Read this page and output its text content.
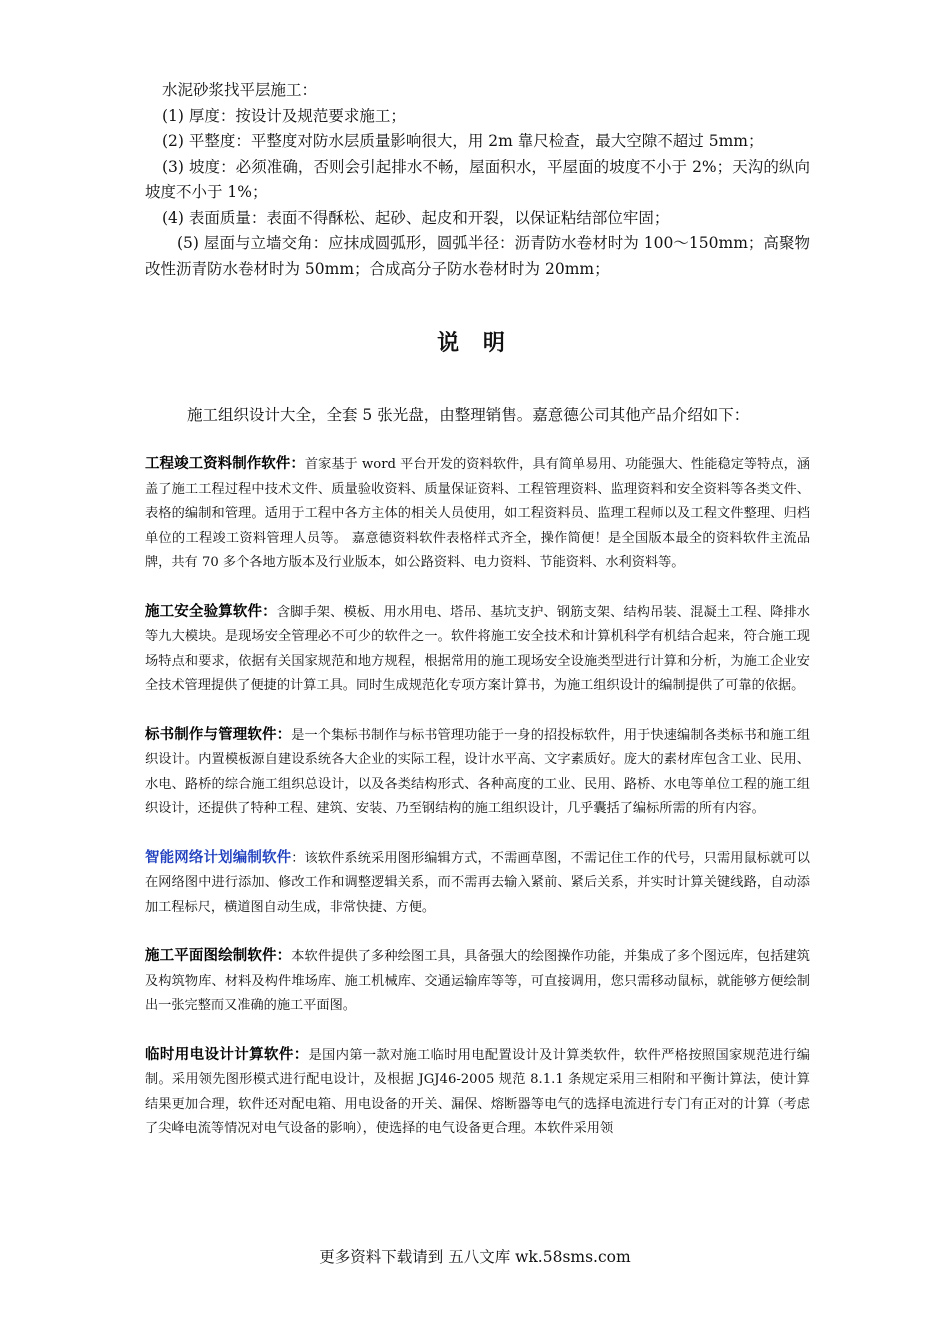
水泥砂浆找平层施工：

(1) 厚度：按设计及规范要求施工；

(2) 平整度：平整度对防水层质量影响很大，用 2m 靠尺检查，最大空隙不超过 5mm；

(3) 坡度：必须准确，否则会引起排水不畅，屋面积水，平屋面的坡度不小于 2%；天沟的纵向坡度不小于 1%；

(4) 表面质量：表面不得酥松、起砂、起皮和开裂，以保证粘结部位牢固；

(5) 屋面与立墙交角：应抹成圆弧形，圆弧半径：沥青防水卷材时为 100～150mm；高聚物改性沥青防水卷材时为 50mm；合成高分子防水卷材时为 20mm；

说 明
施工组织设计大全，全套 5 张光盘，由整理销售。嘉意德公司其他产品介绍如下：

工程竣工资料制作软件：首家基于 word 平台开发的资料软件，具有简单易用、功能强大、性能稳定等特点，涵盖了施工工程过程中技术文件、质量验收资料、质量保证资料、工程管理资料、监理资料和安全资料等各类文件、表格的编制和管理。适用于工程中各方主体的相关人员使用，如工程资料员、监理工程师以及工程文件整理、归档单位的工程竣工资料管理人员等。 嘉意德资料软件表格样式齐全，操作简便！是全国版本最全的资料软件主流品牌，共有 70 多个各地方版本及行业版本，如公路资料、电力资料、节能资料、水利资料等。

施工安全验算软件：含脚手架、模板、用水用电、塔吊、基坑支护、钢筋支架、结构吊装、混凝土工程、降排水等九大模块。是现场安全管理必不可少的软件之一。软件将施工安全技术和计算机科学有机结合起来，符合施工现场特点和要求，依据有关国家规范和地方规程，根据常用的施工现场安全设施类型进行计算和分析，为施工企业安全技术管理提供了便捷的计算工具。同时生成规范化专项方案计算书，为施工组织设计的编制提供了可靠的依据。

标书制作与管理软件：是一个集标书制作与标书管理功能于一身的招投标软件，用于快速编制各类标书和施工组织设计。内置模板源自建设系统各大企业的实际工程，设计水平高、文字素质好。庞大的素材库包含工业、民用、水电、路桥的综合施工组织总设计，以及各类结构形式、各种高度的工业、民用、路桥、水电等单位工程的施工组织设计，还提供了特种工程、建筑、安装、乃至钢结构的施工组织设计，几乎囊括了编标所需的所有内容。

智能网络计划编制软件：该软件系统采用图形编辑方式，不需画草图，不需记住工作的代号，只需用鼠标就可以在网络图中进行添加、修改工作和调整逻辑关系，而不需再去输入紧前、紧后关系，并实时计算关键线路，自动添加工程标尺，横道图自动生成，非常快捷、方便。

施工平面图绘制软件：本软件提供了多种绘图工具，具备强大的绘图操作功能，并集成了多个图远库，包括建筑及构筑物库、材料及构件堆场库、施工机械库、交通运输库等等，可直接调用，您只需移动鼠标，就能够方便绘制出一张完整而又准确的施工平面图。

临时用电设计计算软件：是国内第一款对施工临时用电配置设计及计算类软件，软件严格按照国家规范进行编制。采用领先图形模式进行配电设计，及根据 JGJ46-2005 规范 8.1.1 条规定采用三相附和平衡计算法，使计算结果更加合理，软件还对配电箱、用电设备的开关、漏保、熔断器等电气的选择电流进行专门有正对的计算（考虑了尖峰电流等情况对电气设备的影响），使选择的电气设备更合理。本软件采用领

更多资料下载请到 五八文库 wk.58sms.com
